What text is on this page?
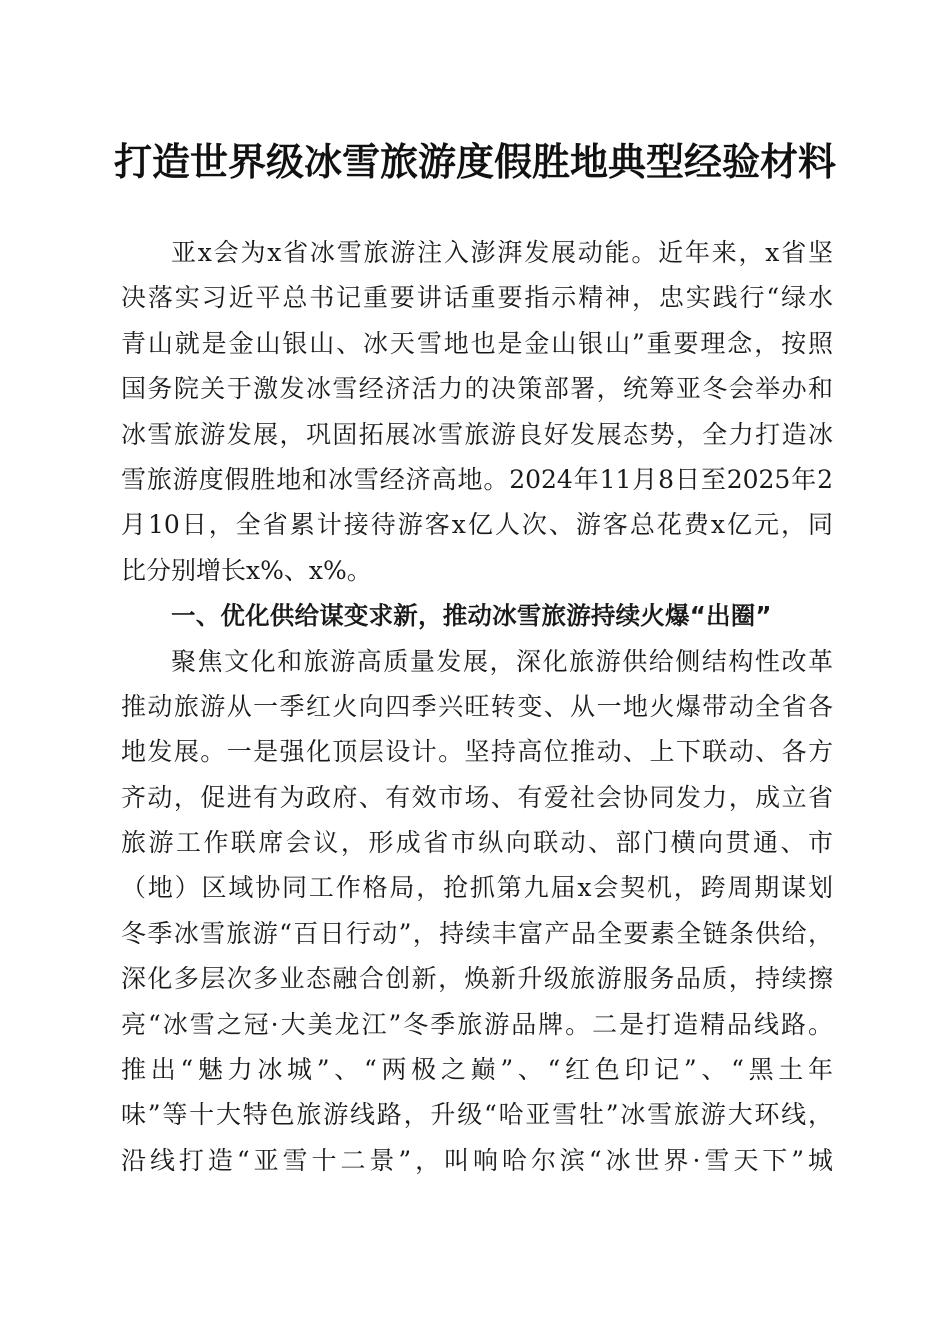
打造世界级冰雪旅游度假胜地典型经验材料
亚x会为x省冰雪旅游注入澎湃发展动能。近年来，x省坚
决落实习近平总书记重要讲话重要指示精神，忠实践行“绿水
青山就是金山银山、冰天雪地也是金山银山”重要理念，按照
国务院关于激发冰雪经济活力的决策部署，统筹亚冬会举办和
冰雪旅游发展，巩固拓展冰雪旅游良好发展态势，全力打造冰
雪旅游度假胜地和冰雪经济高地。2024年11月8日至2025年2
月10日，全省累计接待游客x亿人次、游客总花费x亿元，同
比分别增长x%、x%。
一、优化供给谋变求新，推动冰雪旅游持续火爆“出圈”
聚焦文化和旅游高质量发展，深化旅游供给侧结构性改革
推动旅游从一季红火向四季兴旺转变、从一地火爆带动全省各
地发展。一是强化顶层设计。坚持高位推动、上下联动、各方
齐动，促进有为政府、有效市场、有爱社会协同发力，成立省
旅游工作联席会议，形成省市纵向联动、部门横向贯通、市
（地）区域协同工作格局，抢抓第九届x会契机，跨周期谋划
冬季冰雪旅游“百日行动”，持续丰富产品全要素全链条供给，
深化多层次多业态融合创新，焕新升级旅游服务品质，持续擦
亮“冰雪之冠·大美龙江”冬季旅游品牌。二是打造精品线路。
推出“魅力冰城”、“两极之巅”、“红色印记”、“黑土年
味”等十大特色旅游线路，升级“哈亚雪牡”冰雪旅游大环线，
沿线打造“亚雪十二景”，叫响哈尔滨“冰世界·雪天下”城
